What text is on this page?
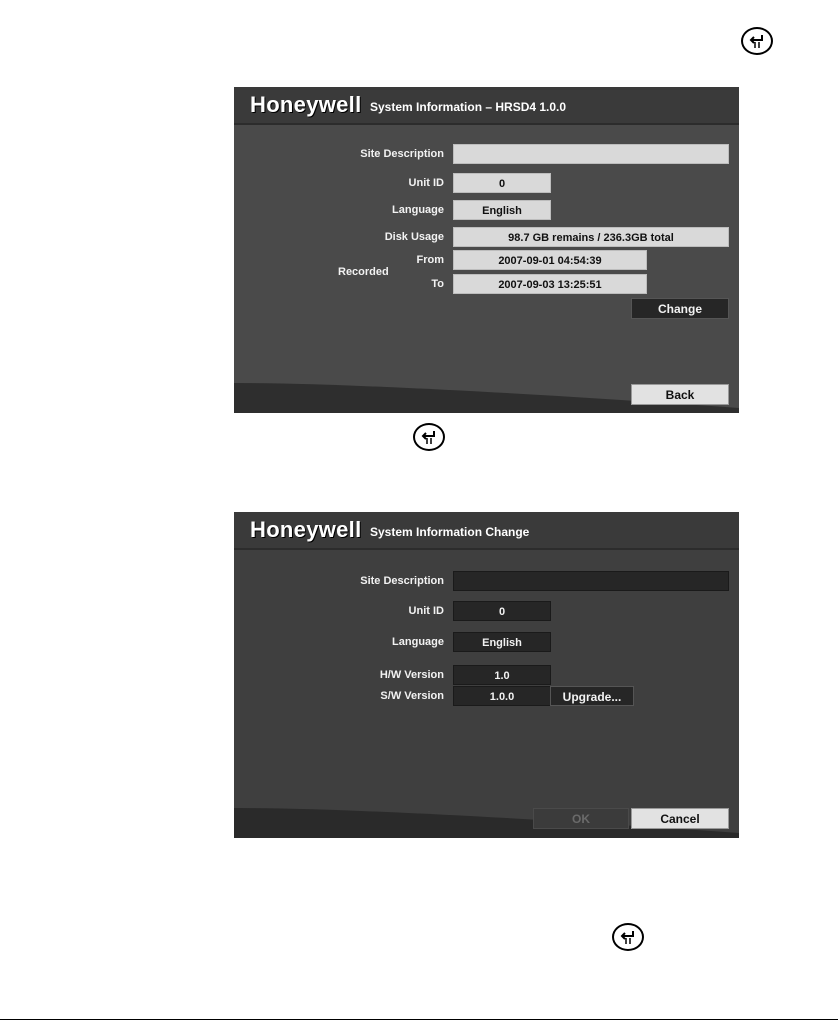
Honeywell System Information – HRSD4 1.0.0
Site Description
Unit ID	0
Language	English
Disk Usage	98.7 GB remains / 236.3GB total
Recorded
From	2007-09-01 04:54:39
To	2007-09-03 13:25:51
Change
Back
Honeywell System Information Change
Site Description
Unit ID	0
Language	English
H/W Version	1.0
S/W Version	1.0.0	Upgrade...
OK	Cancel
